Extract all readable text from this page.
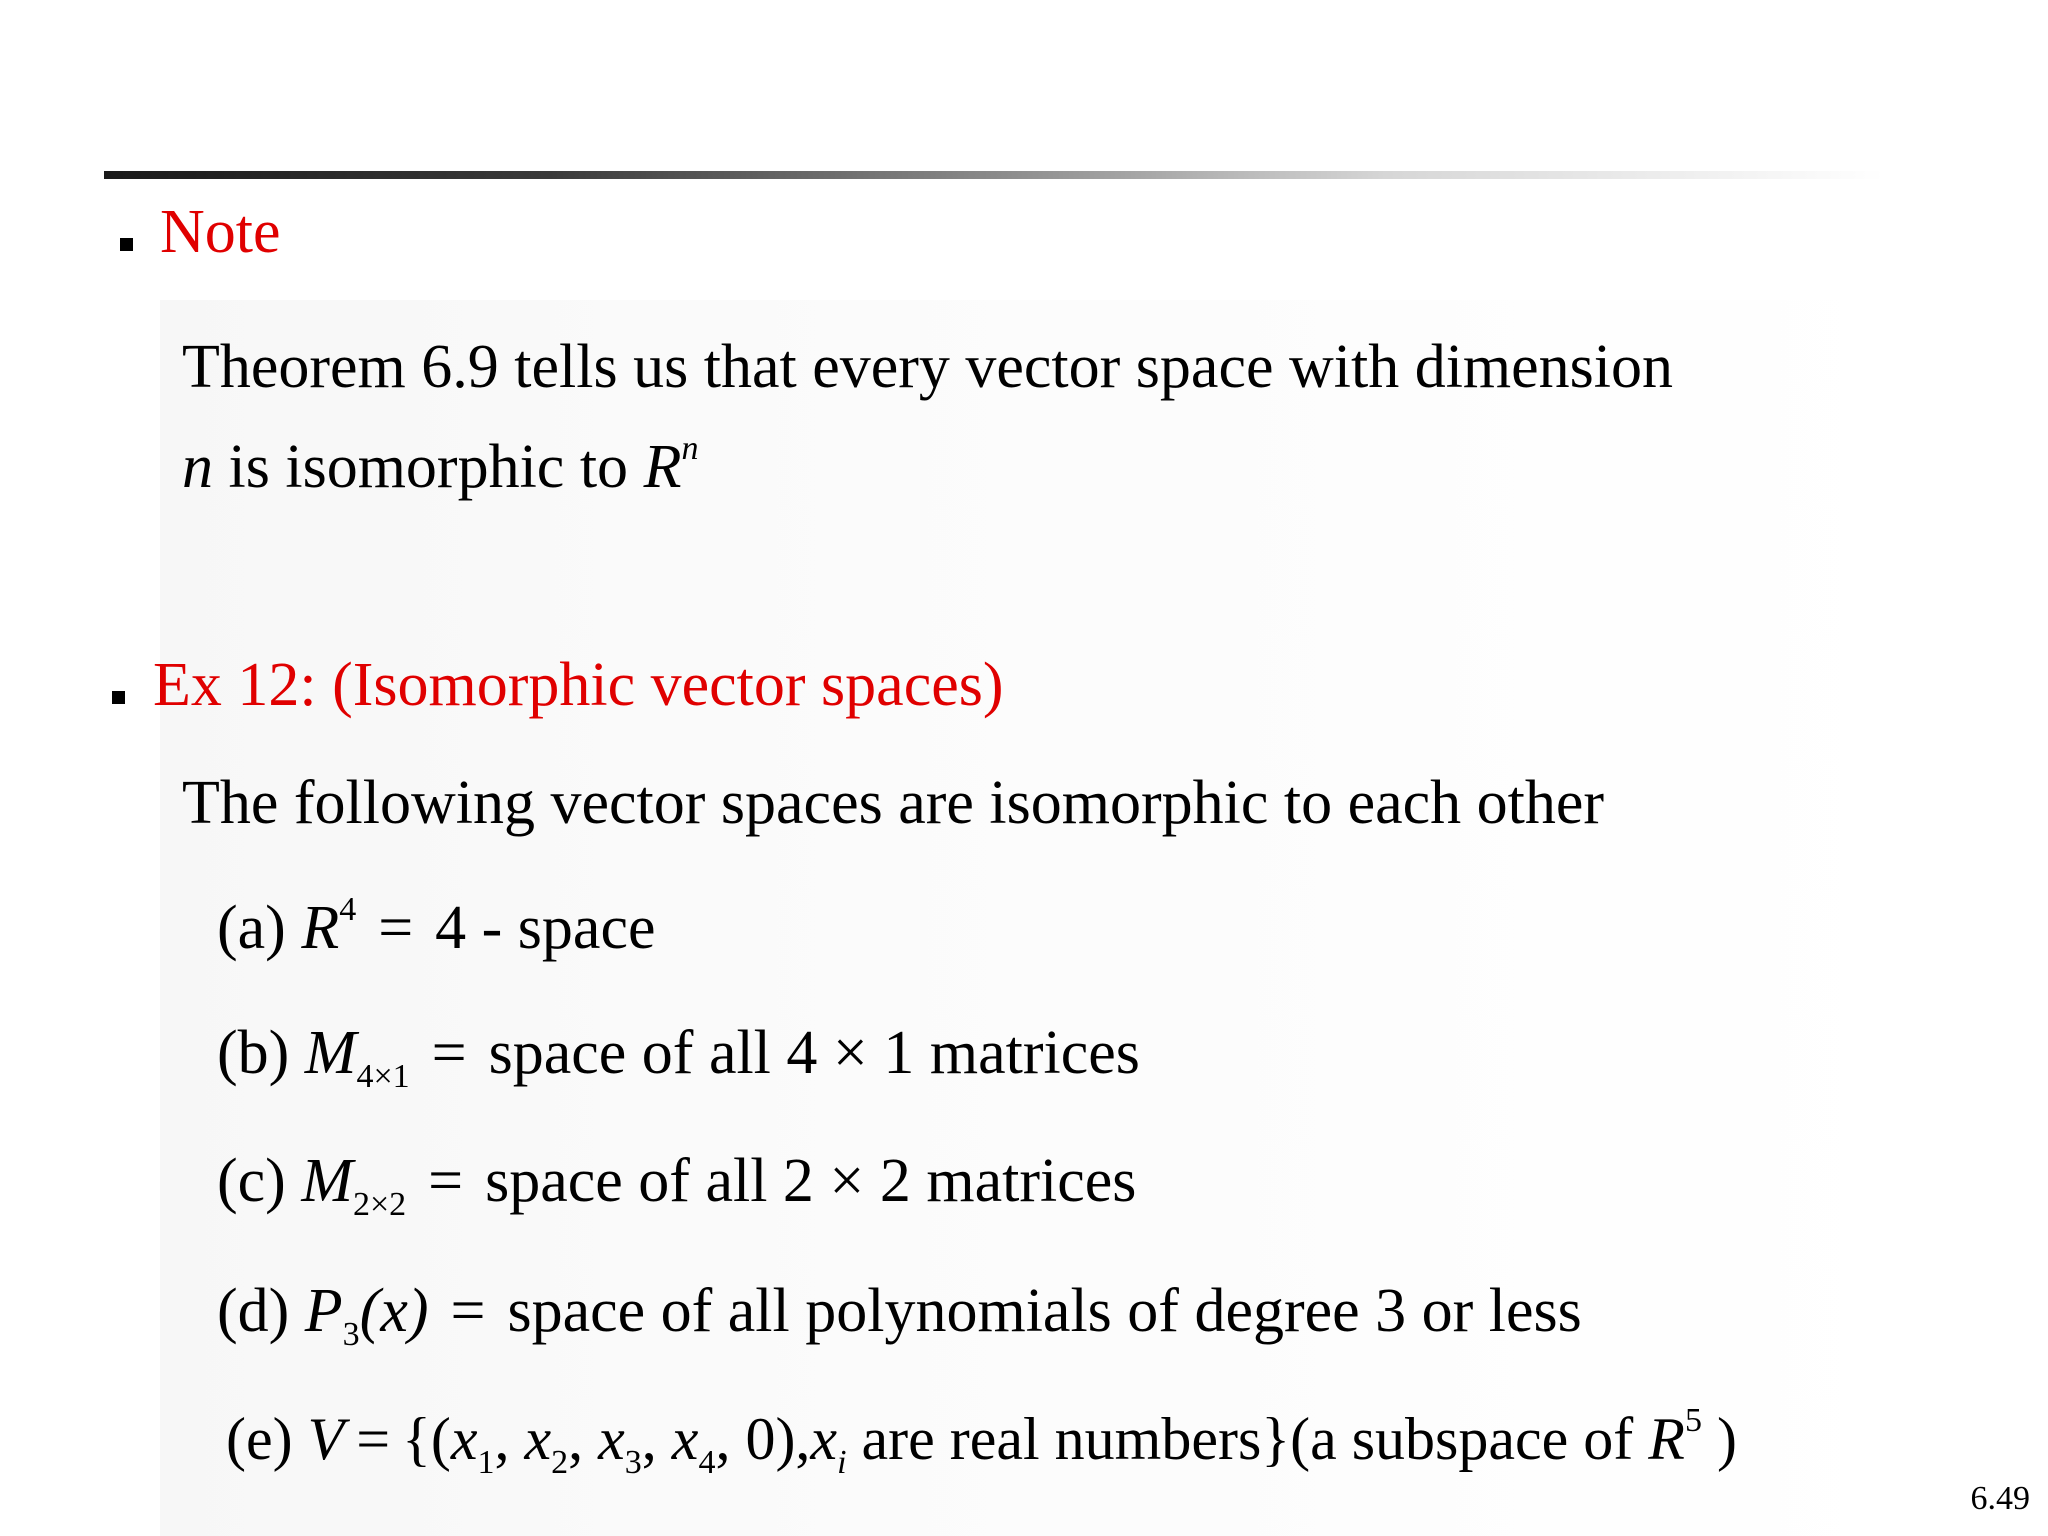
Note
Theorem 6.9 tells us that every vector space with dimension
n is isomorphic to $R^n$
Ex 12: (Isomorphic vector spaces)
The following vector spaces are isomorphic to each other
(a) $R^4 = 4$ - space
(b) $M_{4\times 1}$ = space of all 4 × 1 matrices
(c) $M_{2\times 2}$ = space of all 2 × 2 matrices
(d) $P_3(x)$ = space of all polynomials of degree 3 or less
(e) $V = \{(x_1$, $x_2$, $x_3$, $x_4$, $0),x_i$ are real numbers}(a subspace of $R^5$ )
6.49
